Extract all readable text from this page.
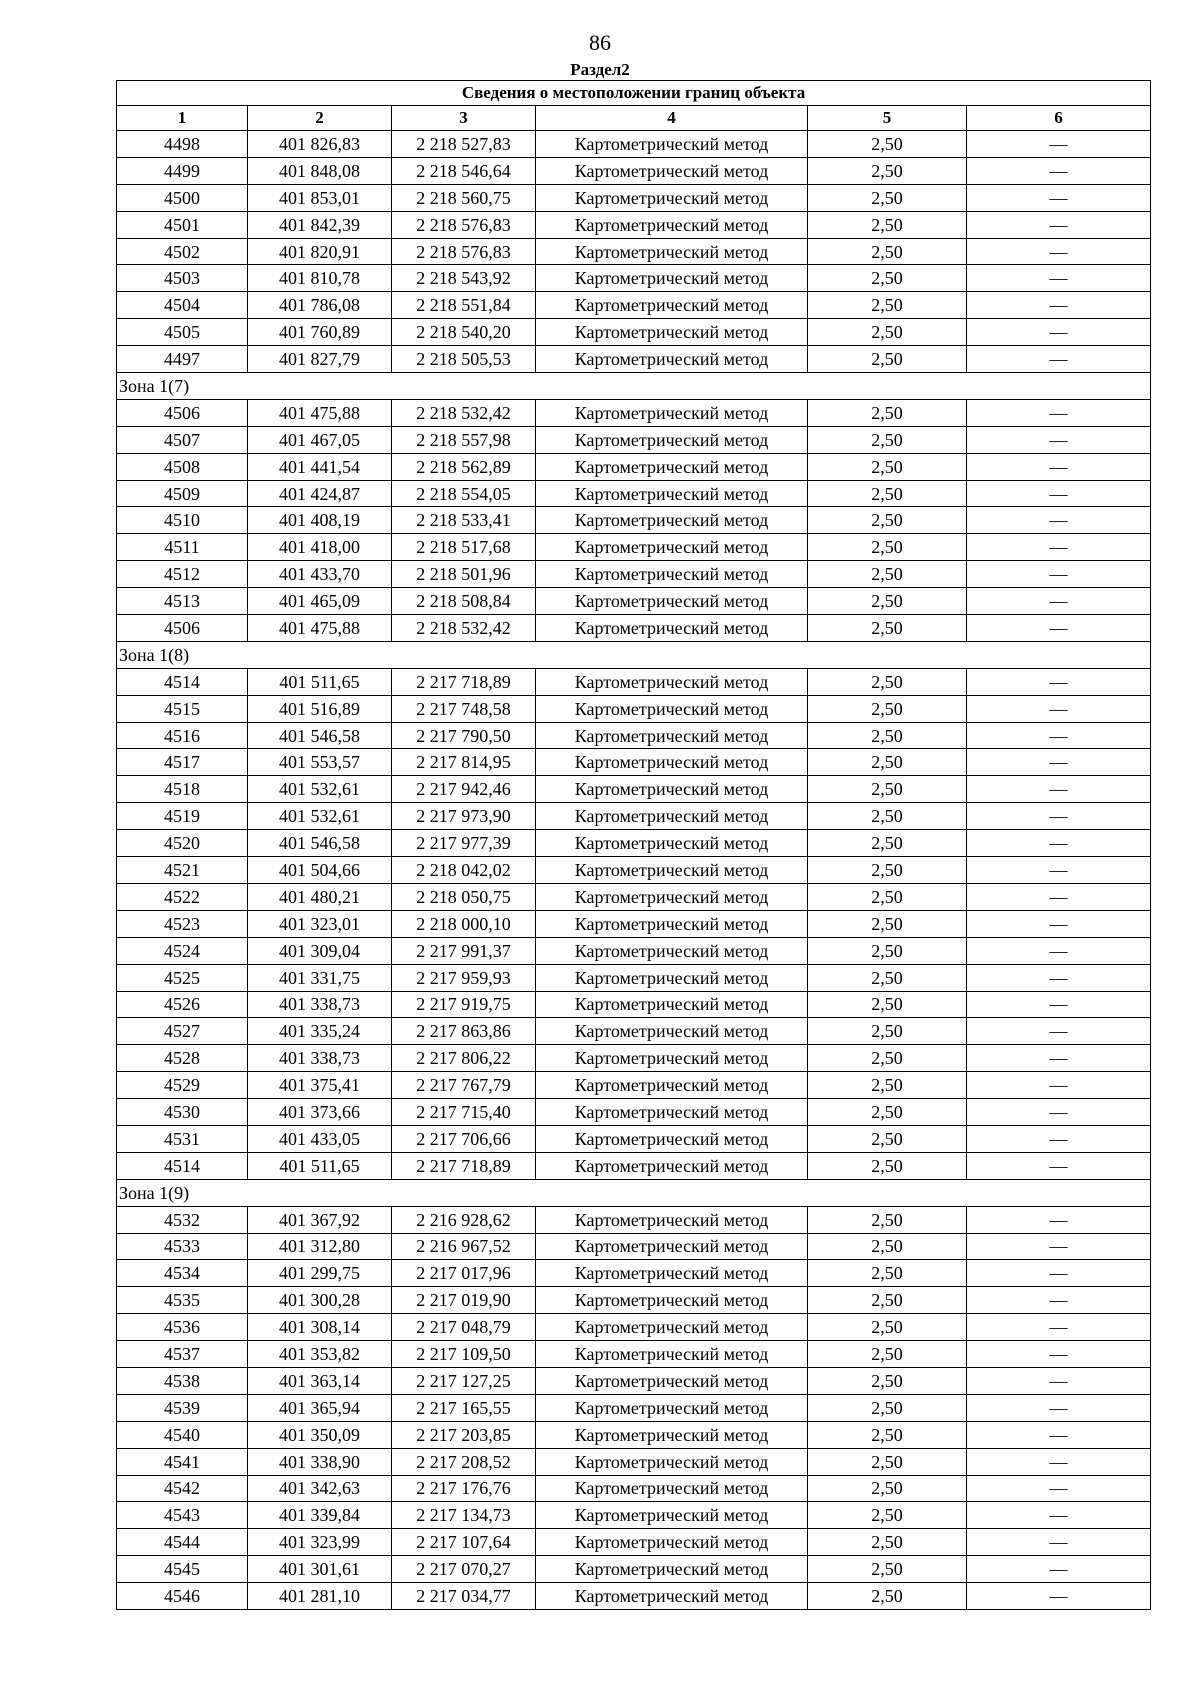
86
Раздел2
Сведения о местоположении границ объекта					
1	2	3	4	5	6
4498	401 826,83	2 218 527,83	Картометрический метод	2,50	—
4499	401 848,08	2 218 546,64	Картометрический метод	2,50	—
4500	401 853,01	2 218 560,75	Картометрический метод	2,50	—
4501	401 842,39	2 218 576,83	Картометрический метод	2,50	—
4502	401 820,91	2 218 576,83	Картометрический метод	2,50	—
4503	401 810,78	2 218 543,92	Картометрический метод	2,50	—
4504	401 786,08	2 218 551,84	Картометрический метод	2,50	—
4505	401 760,89	2 218 540,20	Картометрический метод	2,50	—
4497	401 827,79	2 218 505,53	Картометрический метод	2,50	—
Зона 1(7)					
4506	401 475,88	2 218 532,42	Картометрический метод	2,50	—
4507	401 467,05	2 218 557,98	Картометрический метод	2,50	—
4508	401 441,54	2 218 562,89	Картометрический метод	2,50	—
4509	401 424,87	2 218 554,05	Картометрический метод	2,50	—
4510	401 408,19	2 218 533,41	Картометрический метод	2,50	—
4511	401 418,00	2 218 517,68	Картометрический метод	2,50	—
4512	401 433,70	2 218 501,96	Картометрический метод	2,50	—
4513	401 465,09	2 218 508,84	Картометрический метод	2,50	—
4506	401 475,88	2 218 532,42	Картометрический метод	2,50	—
Зона 1(8)					
4514	401 511,65	2 217 718,89	Картометрический метод	2,50	—
4515	401 516,89	2 217 748,58	Картометрический метод	2,50	—
4516	401 546,58	2 217 790,50	Картометрический метод	2,50	—
4517	401 553,57	2 217 814,95	Картометрический метод	2,50	—
4518	401 532,61	2 217 942,46	Картометрический метод	2,50	—
4519	401 532,61	2 217 973,90	Картометрический метод	2,50	—
4520	401 546,58	2 217 977,39	Картометрический метод	2,50	—
4521	401 504,66	2 218 042,02	Картометрический метод	2,50	—
4522	401 480,21	2 218 050,75	Картометрический метод	2,50	—
4523	401 323,01	2 218 000,10	Картометрический метод	2,50	—
4524	401 309,04	2 217 991,37	Картометрический метод	2,50	—
4525	401 331,75	2 217 959,93	Картометрический метод	2,50	—
4526	401 338,73	2 217 919,75	Картометрический метод	2,50	—
4527	401 335,24	2 217 863,86	Картометрический метод	2,50	—
4528	401 338,73	2 217 806,22	Картометрический метод	2,50	—
4529	401 375,41	2 217 767,79	Картометрический метод	2,50	—
4530	401 373,66	2 217 715,40	Картометрический метод	2,50	—
4531	401 433,05	2 217 706,66	Картометрический метод	2,50	—
4514	401 511,65	2 217 718,89	Картометрический метод	2,50	—
Зона 1(9)					
4532	401 367,92	2 216 928,62	Картометрический метод	2,50	—
4533	401 312,80	2 216 967,52	Картометрический метод	2,50	—
4534	401 299,75	2 217 017,96	Картометрический метод	2,50	—
4535	401 300,28	2 217 019,90	Картометрический метод	2,50	—
4536	401 308,14	2 217 048,79	Картометрический метод	2,50	—
4537	401 353,82	2 217 109,50	Картометрический метод	2,50	—
4538	401 363,14	2 217 127,25	Картометрический метод	2,50	—
4539	401 365,94	2 217 165,55	Картометрический метод	2,50	—
4540	401 350,09	2 217 203,85	Картометрический метод	2,50	—
4541	401 338,90	2 217 208,52	Картометрический метод	2,50	—
4542	401 342,63	2 217 176,76	Картометрический метод	2,50	—
4543	401 339,84	2 217 134,73	Картометрический метод	2,50	—
4544	401 323,99	2 217 107,64	Картометрический метод	2,50	—
4545	401 301,61	2 217 070,27	Картометрический метод	2,50	—
4546	401 281,10	2 217 034,77	Картометрический метод	2,50	—
